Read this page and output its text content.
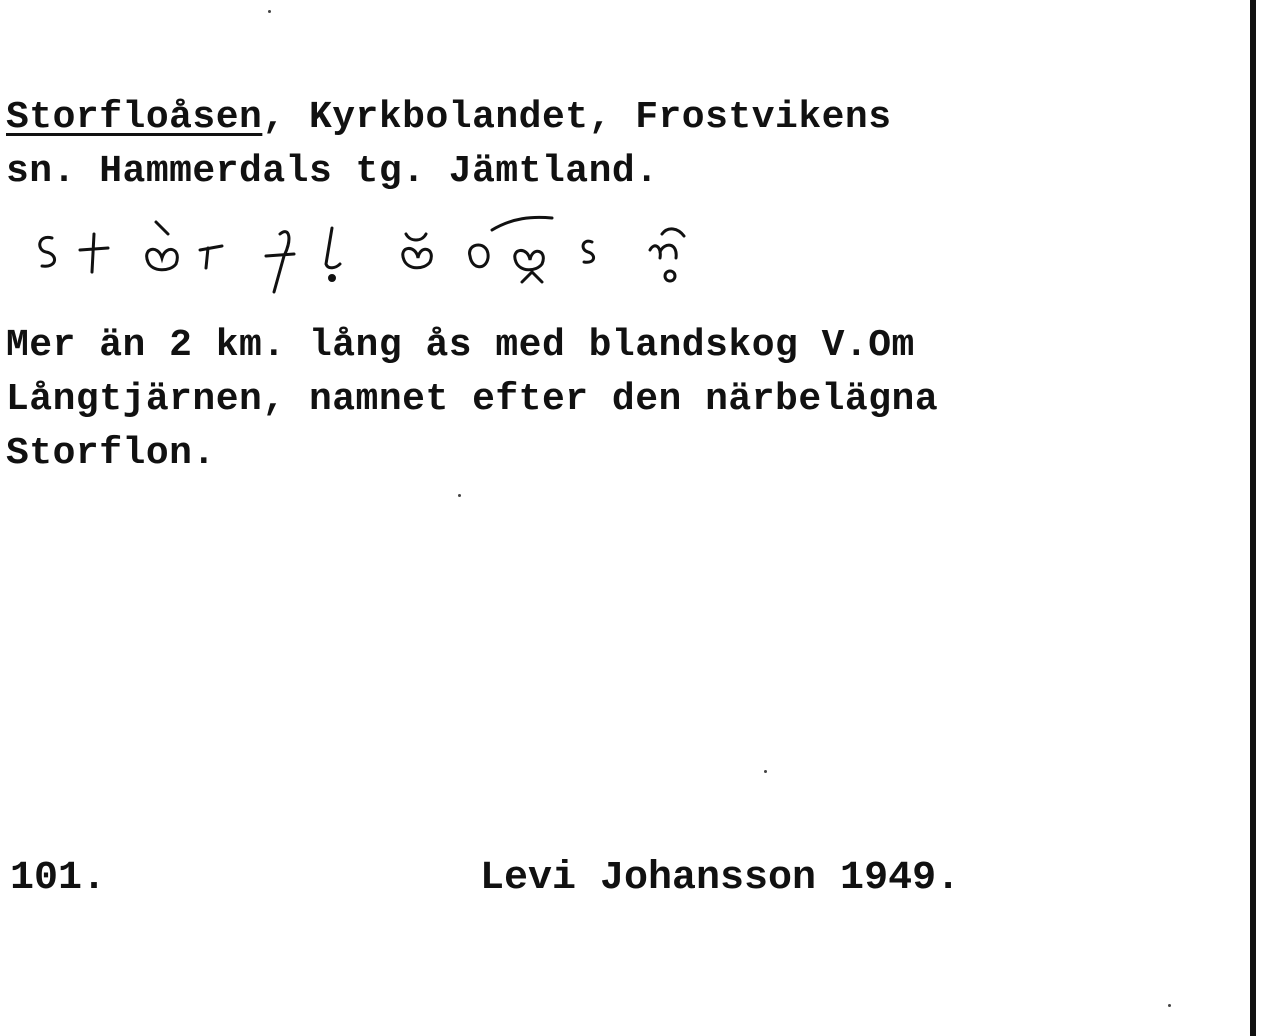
Storfloåsen, Kyrkbolandet, Frostvikens
sn. Hammerdals tg. Jämtland.
Mer än 2 km. lång ås med blandskog V.Om
Långtjärnen, namnet efter den närbelägna
Storflon.
101.	Levi Johansson 1949.
